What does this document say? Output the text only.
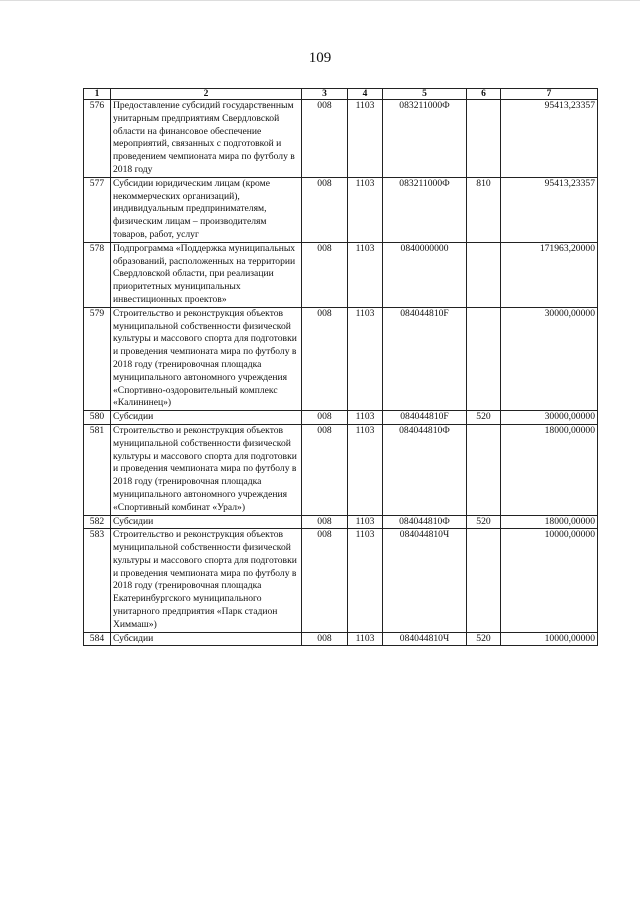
109
1	2	3	4	5	6	7
576	Предоставление субсидий государственным унитарным предприятиям Свердловской области на финансовое обеспечение мероприятий, связанных с подготовкой и проведением чемпионата мира по футболу в 2018 году	008	1103	083211000Ф		95413,23357
577	Субсидии юридическим лицам (кроме некоммерческих организаций), индивидуальным предпринимателям, физическим лицам – производителям товаров, работ, услуг	008	1103	083211000Ф	810	95413,23357
578	Подпрограмма «Поддержка муниципальных образований, расположенных на территории Свердловской области, при реализации приоритетных муниципальных инвестиционных проектов»	008	1103	0840000000		171963,20000
579	Строительство и реконструкция объектов муниципальной собственности физической культуры и массового спорта для подготовки и проведения чемпионата мира по футболу в 2018 году (тренировочная площадка муниципального автономного учреждения «Спортивно-оздоровительный комплекс «Калининец»)	008	1103	084044810F		30000,00000
580	Субсидии	008	1103	084044810F	520	30000,00000
581	Строительство и реконструкция объектов муниципальной собственности физической культуры и массового спорта для подготовки и проведения чемпионата мира по футболу в 2018 году (тренировочная площадка муниципального автономного учреждения «Спортивный комбинат «Урал»)	008	1103	084044810Ф		18000,00000
582	Субсидии	008	1103	084044810Ф	520	18000,00000
583	Строительство и реконструкция объектов муниципальной собственности физической культуры и массового спорта для подготовки и проведения чемпионата мира по футболу в 2018 году (тренировочная площадка Екатеринбургского муниципального унитарного предприятия «Парк стадион Химмаш»)	008	1103	084044810Ч		10000,00000
584	Субсидии	008	1103	084044810Ч	520	10000,00000
